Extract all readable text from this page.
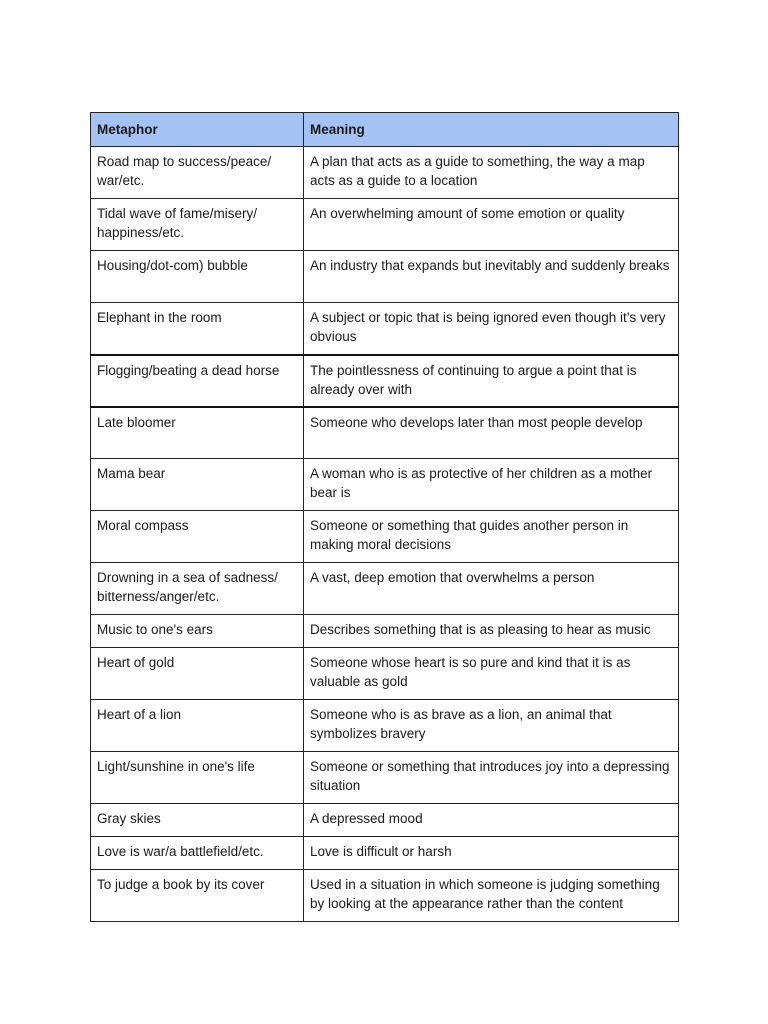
Metaphor	Meaning
Road map to success/peace/ war/etc.	A plan that acts as a guide to something, the way a map acts as a guide to a location
Tidal wave of fame/misery/ happiness/etc.	An overwhelming amount of some emotion or quality
Housing/dot-com) bubble	An industry that expands but inevitably and suddenly breaks
Elephant in the room	A subject or topic that is being ignored even though it’s very obvious
Flogging/beating a dead horse	The pointlessness of continuing to argue a point that is already over with
Late bloomer	Someone who develops later than most people develop
Mama bear	A woman who is as protective of her children as a mother bear is
Moral compass	Someone or something that guides another person in making moral decisions
Drowning in a sea of sadness/ bitterness/anger/etc.	A vast, deep emotion that overwhelms a person
Music to one's ears	Describes something that is as pleasing to hear as music
Heart of gold	Someone whose heart is so pure and kind that it is as valuable as gold
Heart of a lion	Someone who is as brave as a lion, an animal that symbolizes bravery
Light/sunshine in one's life	Someone or something that introduces joy into a depressing situation
Gray skies	A depressed mood
Love is war/a battlefield/etc.	Love is difficult or harsh
To judge a book by its cover	Used in a situation in which someone is judging something by looking at the appearance rather than the content
